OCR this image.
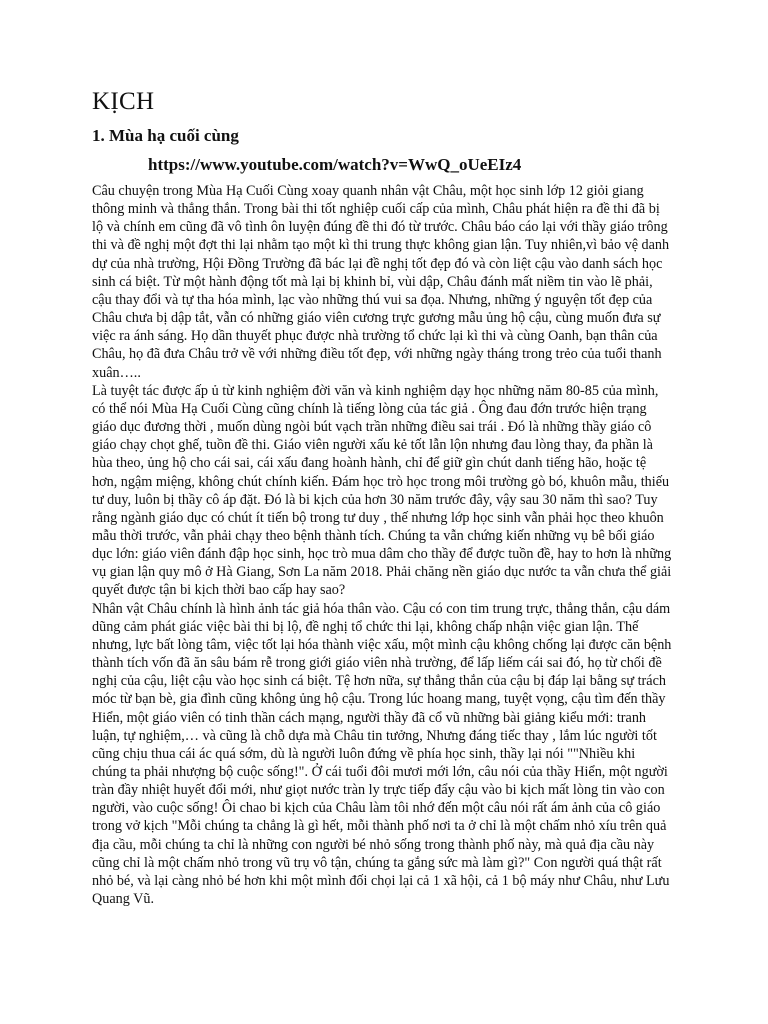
KỊCH
1. Mùa hạ cuối cùng
https://www.youtube.com/watch?v=WwQ_oUeEIz4

Câu chuyện trong Mùa Hạ Cuối Cùng xoay quanh nhân vật Châu, một học sinh lớp 12 giỏi giang thông minh và thẳng thắn. Trong bài thi tốt nghiệp cuối cấp của mình, Châu phát hiện ra đề thi đã bị lộ và chính em cũng đã vô tình ôn luyện đúng đề thi đó từ trước. Châu báo cáo lại với thầy giáo trông thi và đề nghị một đợt thi lại nhằm tạo một kì thi trung thực không gian lận. Tuy nhiên,vì bảo vệ danh dự của nhà trường, Hội Đồng Trường đã bác lại đề nghị tốt đẹp đó và còn liệt cậu vào danh sách học sinh cá biệt. Từ một hành động tốt mà lại bị khinh bỉ, vùi dập, Châu đánh mất niềm tin vào lẽ phải, cậu thay đổi và tự tha hóa mình, lạc vào những thú vui sa đọa. Nhưng, những ý nguyện tốt đẹp của Châu chưa bị dập tắt, vẫn có những giáo viên cương trực gương mẫu ủng hộ cậu, cùng muốn đưa sự việc ra ánh sáng. Họ dần thuyết phục được nhà trường tổ chức lại kì thi và cùng Oanh, bạn thân của Châu, họ đã đưa Châu trở về với những điều tốt đẹp, với những ngày tháng trong trẻo của tuổi thanh xuân…..

Là tuyệt tác được ấp ủ từ kinh nghiệm đời văn và kinh nghiệm dạy học những năm 80-85 của mình, có thể nói Mùa Hạ Cuối Cùng cũng chính là tiếng lòng của tác giả . Ông đau đớn trước hiện trạng giáo dục đương thời , muốn dùng ngòi bút vạch trần những điều sai trái . Đó là những thầy giáo cô giáo chạy chọt ghế, tuồn đề thi. Giáo viên người xấu kẻ tốt lẫn lộn nhưng đau lòng thay, đa phần là hùa theo, ủng hộ cho cái sai, cái xấu đang hoành hành, chỉ để giữ gìn chút danh tiếng hão, hoặc tệ hơn, ngậm miệng, không chút chính kiến. Đám học trò học trong môi trường gò bó, khuôn mẫu, thiếu tư duy, luôn bị thầy cô áp đặt. Đó là bi kịch của hơn 30 năm trước đây, vậy sau 30 năm thì sao? Tuy rằng ngành giáo dục có chút ít tiến bộ trong tư duy , thế nhưng lớp học sinh vẫn phải học theo khuôn mẫu thời trước, vẫn phải chạy theo bệnh thành tích. Chúng ta vẫn chứng kiến những vụ bê bối giáo dục lớn: giáo viên đánh đập học sinh, học trò mua dâm cho thầy để được tuồn đề, hay to hơn là những vụ gian lận quy mô ở Hà Giang, Sơn La năm 2018. Phải chăng nền giáo dục nước ta vẫn chưa thể giải quyết được tận bi kịch thời bao cấp hay sao?

Nhân vật Châu chính là hình ảnh tác giả hóa thân vào. Cậu có con tim trung trực, thẳng thắn, cậu dám dũng cảm phát giác việc bài thi bị lộ, đề nghị tổ chức thi lại, không chấp nhận việc gian lận. Thế nhưng, lực bất lòng tâm, việc tốt lại hóa thành việc xấu, một mình cậu không chống lại được căn bệnh thành tích vốn đã ăn sâu bám rễ trong giới giáo viên nhà trường, để lấp liếm cái sai đó, họ từ chối đề nghị của cậu, liệt cậu vào học sinh cá biệt. Tệ hơn nữa, sự thẳng thắn của cậu bị đáp lại bằng sự trách móc từ bạn bè, gia đình cũng không ủng hộ cậu. Trong lúc hoang mang, tuyệt vọng, cậu tìm đến thầy Hiển, một giáo viên có tinh thần cách mạng, người thầy đã cổ vũ những bài giảng kiểu mới: tranh luận, tự nghiệm,… và cũng là chỗ dựa mà Châu tin tưởng, Nhưng đáng tiếc thay , lắm lúc người tốt cũng chịu thua cái ác quá sớm, dù là người luôn đứng về phía học sinh, thầy lại nói ""Nhiều khi chúng ta phải nhượng bộ cuộc sống!". Ở cái tuổi đôi mươi mới lớn, câu nói của thầy Hiển, một người tràn đầy nhiệt huyết đổi mới, như giọt nước tràn ly trực tiếp đẩy cậu vào bi kịch mất lòng tin vào con người, vào cuộc sống! Ôi chao bi kịch của Châu làm tôi nhớ đến một câu nói rất ám ảnh của cô giáo trong vở kịch "Mỗi chúng ta chẳng là gì hết, mỗi thành phố nơi ta ở chỉ là một chấm nhỏ xíu trên quả địa cầu, mỗi chúng ta chỉ là những con người bé nhỏ sống trong thành phố này, mà quả địa cầu này cũng chỉ là một chấm nhỏ trong vũ trụ vô tận, chúng ta gắng sức mà làm gì?" Con người quá thật rất nhỏ bé, và lại càng nhỏ bé hơn khi một mình đối chọi lại cả 1 xã hội, cả 1 bộ máy như Châu, như Lưu Quang Vũ.
